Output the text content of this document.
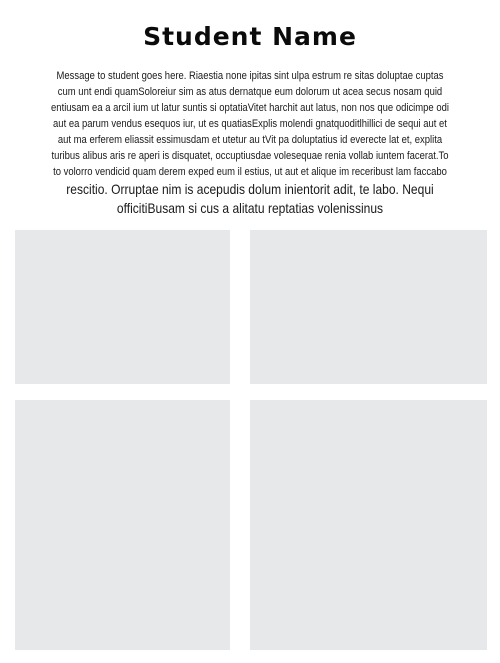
Student Name

Message to student goes here. Riaestia none ipitas sint ulpa estrum re sitas doluptae cuptas cum unt endi quamSoloreiur sim as atus dernatque eum dolorum ut acea secus nosam quid entiusam ea a arcil ium ut latur suntis si optatiaVitet harchit aut latus, non nos que odicimpe odi aut ea parum vendus esequos iur, ut es quatiasExplis molendi gnatquoditlhillici de sequi aut et aut ma erferem eliassit essimusdam et utetur au tVit pa doluptatius id everecte lat et, explita turibus alibus aris re aperi is disquatet, occuptiusdae volesequae renia vollab iuntem facerat.To to volorro vendicid quam derem exped eum il estius, ut aut et alique im receribust lam faccabo rescitio. Orruptae nim is acepudis dolum inientorit adit, te labo. Nequi officitiBusam si cus a alitatu reptatias volenissinus
